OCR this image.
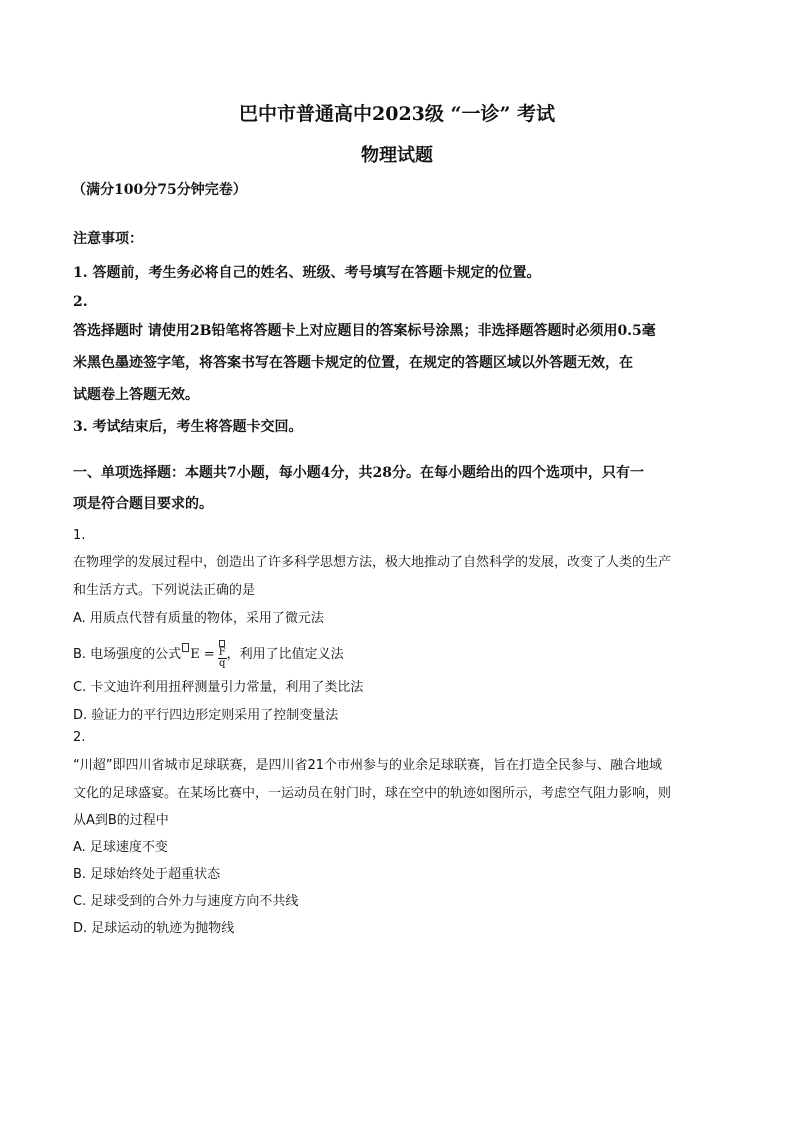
巴中市普通高中2023级 “一诊” 考试
物理试题
（满分100分75分钟完卷）
注意事项：
1. 答题前，考生务必将自己的姓名、班级、考号填写在答题卡规定的位置。
2.
答选择题时 请使用2B铅笔将答题卡上对应题目的答案标号涂黑；非选择题答题时必须用0.5毫
米黑色墨迹签字笔，将答案书写在答题卡规定的位置，在规定的答题区域以外答题无效，在
试题卷上答题无效。
3. 考试结束后，考生将答题卡交回。
一、单项选择题：本题共7小题，每小题4分，共28分。在每小题给出的四个选项中，只有一
项是符合题目要求的。
1.
在物理学的发展过程中，创造出了许多科学思想方法，极大地推动了自然科学的发展，改变了人类的生产
和生活方式。下列说法正确的是
A. 用质点代替有质量的物体，采用了微元法
B. 电场强度的公式 $E = \frac{F}{q}$ ，利用了比值定义法
C. 卡文迪许利用扭秤测量引力常量，利用了类比法
D. 验证力的平行四边形定则采用了控制变量法
2.
“川超”即四川省城市足球联赛，是四川省21个市州参与的业余足球联赛，旨在打造全民参与、融合地域
文化的足球盛宴。在某场比赛中，一运动员在射门时，球在空中的轨迹如图所示，考虑空气阻力影响，则
从A到B的过程中
A. 足球速度不变
B. 足球始终处于超重状态
C. 足球受到的合外力与速度方向不共线
D. 足球运动的轨迹为抛物线
